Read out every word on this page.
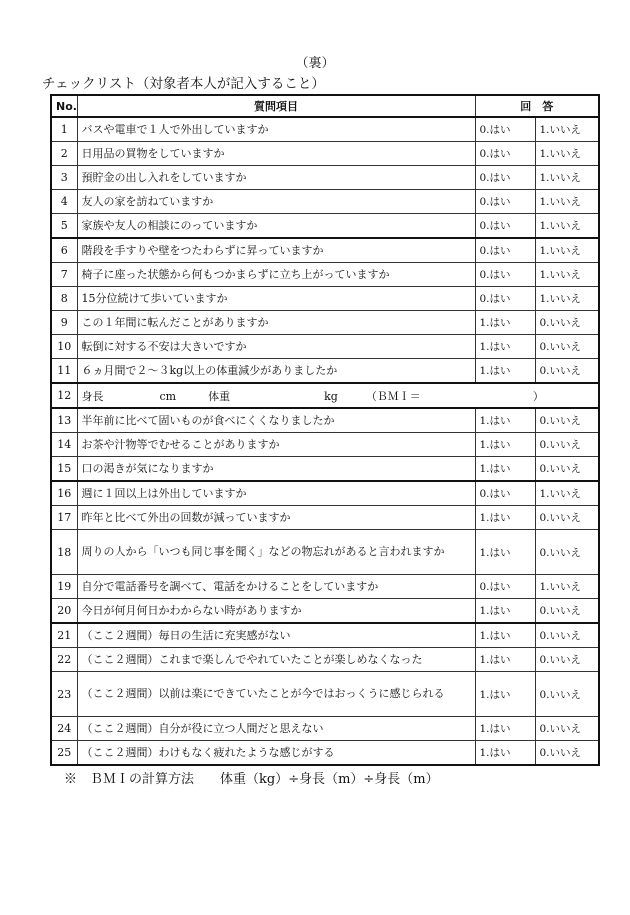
（裏）
チェックリスト（対象者本人が記入すること）
No.	質問項目	回　答	
1	バスや電車で１人で外出していますか	0.はい	1.いいえ
2	日用品の買物をしていますか	0.はい	1.いいえ
3	預貯金の出し入れをしていますか	0.はい	1.いいえ
4	友人の家を訪ねていますか	0.はい	1.いいえ
5	家族や友人の相談にのっていますか	0.はい	1.いいえ
6	階段を手すりや壁をつたわらずに昇っていますか	0.はい	1.いいえ
7	椅子に座った状態から何もつかまらずに立ち上がっていますか	0.はい	1.いいえ
8	15分位続けて歩いていますか	0.はい	1.いいえ
9	この１年間に転んだことがありますか	1.はい	0.いいえ
10	転倒に対する不安は大きいですか	1.はい	0.いいえ
11	６ヵ月間で２～３kg以上の体重減少がありましたか	1.はい	0.いいえ
12	身長 cm 体重 kg （ＢＭＩ＝ ）		
13	半年前に比べて固いものが食べにくくなりましたか	1.はい	0.いいえ
14	お茶や汁物等でむせることがありますか	1.はい	0.いいえ
15	口の渇きが気になりますか	1.はい	0.いいえ
16	週に１回以上は外出していますか	0.はい	1.いいえ
17	昨年と比べて外出の回数が減っていますか	1.はい	0.いいえ
18	周りの人から「いつも同じ事を聞く」などの物忘れがあると言われますか	1.はい	0.いいえ
19	自分で電話番号を調べて、電話をかけることをしていますか	0.はい	1.いいえ
20	今日が何月何日かわからない時がありますか	1.はい	0.いいえ
21	（ここ２週間）毎日の生活に充実感がない	1.はい	0.いいえ
22	（ここ２週間）これまで楽しんでやれていたことが楽しめなくなった	1.はい	0.いいえ
23	（ここ２週間）以前は楽にできていたことが今ではおっくうに感じられる	1.はい	0.いいえ
24	（ここ２週間）自分が役に立つ人間だと思えない	1.はい	0.いいえ
25	（ここ２週間）わけもなく疲れたような感じがする	1.はい	0.いいえ
※　ＢＭＩの計算方法　　体重（kg）÷身長（m）÷身長（m）
